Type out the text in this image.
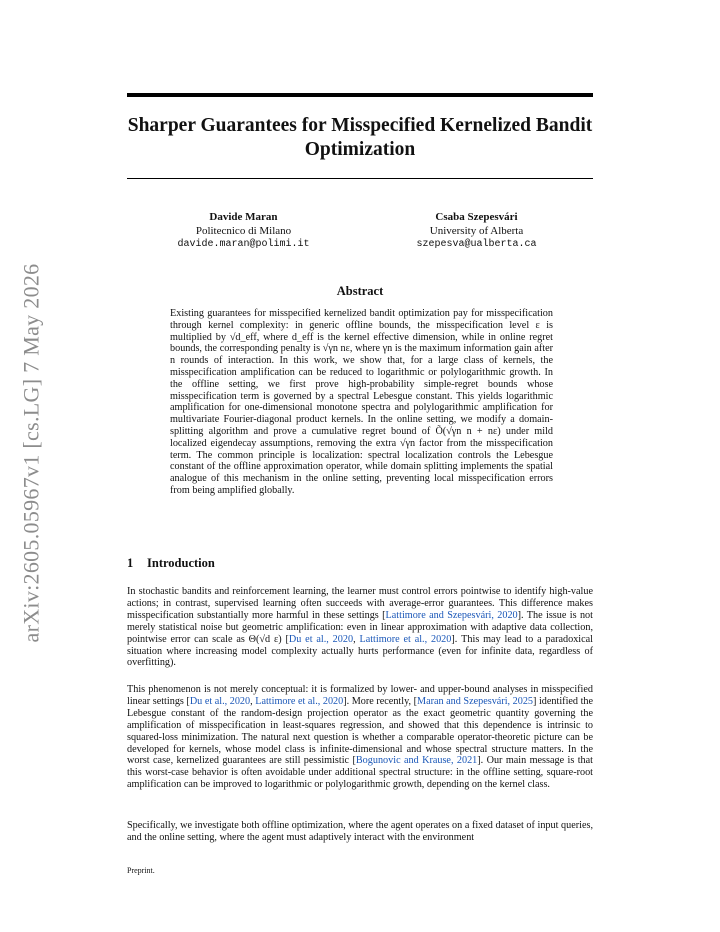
arXiv:2605.05967v1 [cs.LG] 7 May 2026
Sharper Guarantees for Misspecified Kernelized Bandit Optimization
Davide Maran
Politecnico di Milano
davide.maran@polimi.it
Csaba Szepesvári
University of Alberta
szepesva@ualberta.ca
Abstract

Existing guarantees for misspecified kernelized bandit optimization pay for misspecification through kernel complexity: in generic offline bounds, the misspecification level ε is multiplied by √d_eff, where d_eff is the kernel effective dimension, while in online regret bounds, the corresponding penalty is √γn nε, where γn is the maximum information gain after n rounds of interaction. In this work, we show that, for a large class of kernels, the misspecification amplification can be reduced to logarithmic or polylogarithmic growth. In the offline setting, we first prove high-probability simple-regret bounds whose misspecification term is governed by a spectral Lebesgue constant. This yields logarithmic amplification for one-dimensional monotone spectra and polylogarithmic amplification for multivariate Fourier-diagonal product kernels. In the online setting, we modify a domain-splitting algorithm and prove a cumulative regret bound of Õ(√γn n + nε) under mild localized eigendecay assumptions, removing the extra √γn factor from the misspecification term. The common principle is localization: spectral localization controls the Lebesgue constant of the offline approximation operator, while domain splitting implements the spatial analogue of this mechanism in the online setting, preventing local misspecification errors from being amplified globally.

1 Introduction

In stochastic bandits and reinforcement learning, the learner must control errors pointwise to identify high-value actions; in contrast, supervised learning often succeeds with average-error guarantees. This difference makes misspecification substantially more harmful in these settings [Lattimore and Szepesvári, 2020]. The issue is not merely statistical noise but geometric amplification: even in linear approximation with adaptive data collection, pointwise error can scale as Θ(√d ε) [Du et al., 2020, Lattimore et al., 2020]. This may lead to a paradoxical situation where increasing model complexity actually hurts performance (even for infinite data, regardless of overfitting).

This phenomenon is not merely conceptual: it is formalized by lower- and upper-bound analyses in misspecified linear settings [Du et al., 2020, Lattimore et al., 2020]. More recently, [Maran and Szepesvári, 2025] identified the Lebesgue constant of the random-design projection operator as the exact geometric quantity governing the amplification of misspecification in least-squares regression, and showed that this dependence is intrinsic to squared-loss minimization. The natural next question is whether a comparable operator-theoretic picture can be developed for kernels, whose model class is infinite-dimensional and whose spectral structure matters. In the worst case, kernelized guarantees are still pessimistic [Bogunovic and Krause, 2021]. Our main message is that this worst-case behavior is often avoidable under additional spectral structure: in the offline setting, square-root amplification can be improved to logarithmic or polylogarithmic growth, depending on the kernel class.

Specifically, we investigate both offline optimization, where the agent operates on a fixed dataset of input queries, and the online setting, where the agent must adaptively interact with the environment

Preprint.
